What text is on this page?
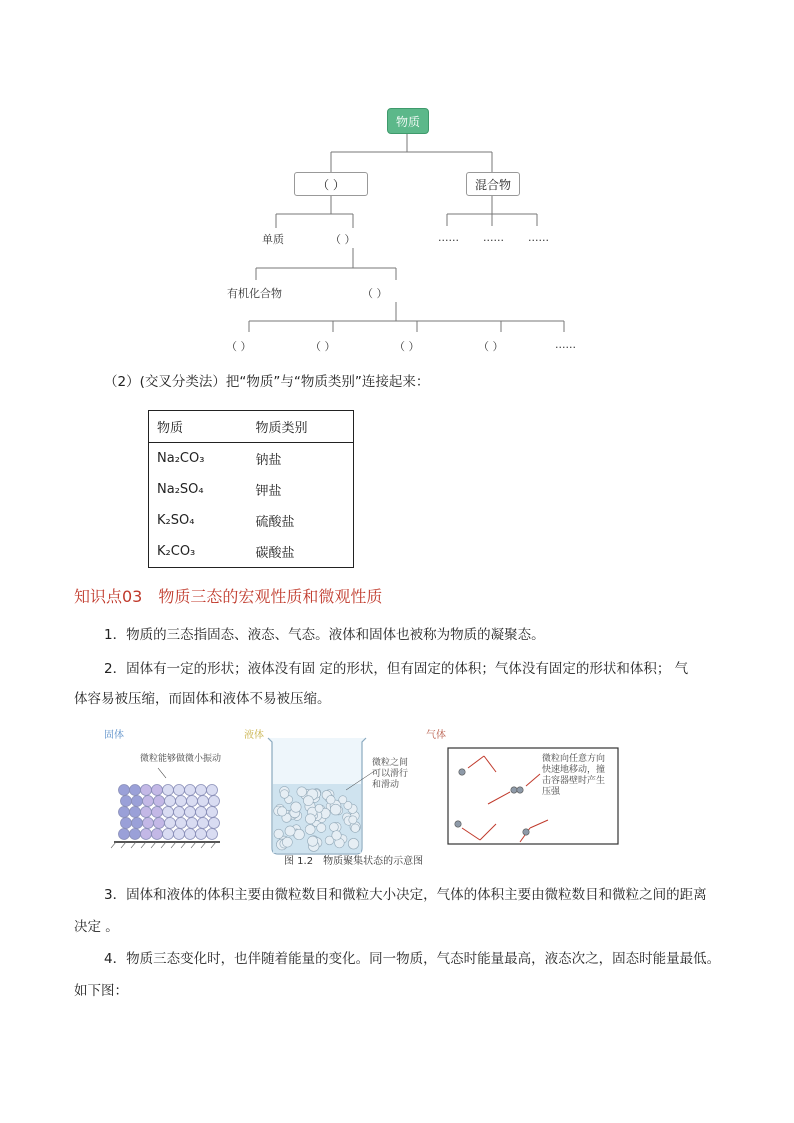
物质
（ ）	混合物
单质	（ ）	...... ...... ......
有机化合物	（ ）
（ ）	（ ）	（ ）	（ ）	......
（2）(交叉分类法）把“物质”与“物质类别”连接起来：
物质	物质类别
Na₂CO₃	钠盐
Na₂SO₄	钾盐
K₂SO₄	硫酸盐
K₂CO₃	碳酸盐
知识点03　物质三态的宏观性质和微观性质
1．物质的三态指固态、液态、气态。液体和固体也被称为物质的凝聚态。
2．固体有一定的形状；液体没有固 定的形状，但有固定的体积；气体没有固定的形状和体积； 气
体容易被压缩，而固体和液体不易被压缩。
固体	液体	气体
微粒能够做微小振动	微粒之间
可以滑行
和滑动
微粒向任意方向
快速地移动，撞
击容器壁时产生
压强
图 1.2　物质聚集状态的示意图
3．固体和液体的体积主要由微粒数目和微粒大小决定，气体的体积主要由微粒数目和微粒之间的距离
决定 。
4．物质三态变化时，也伴随着能量的变化。同一物质，气态时能量最高，液态次之，固态时能量最低。
如下图：
